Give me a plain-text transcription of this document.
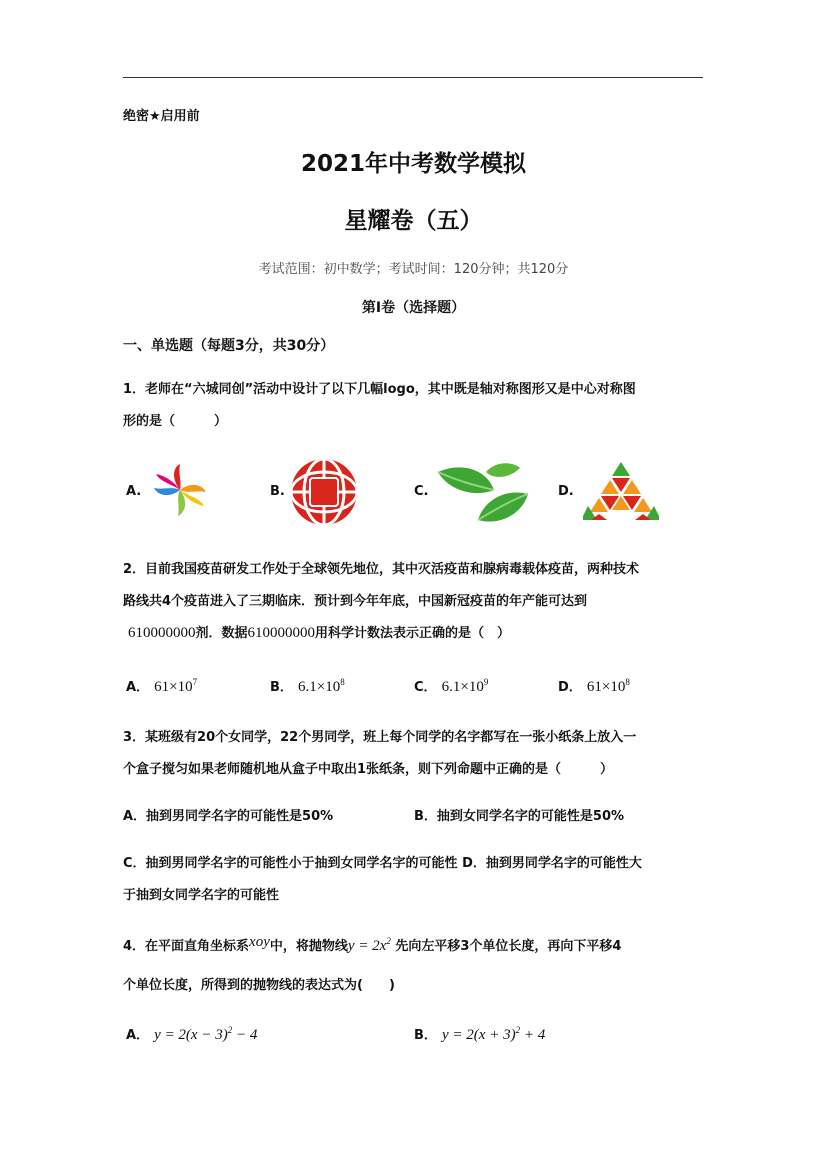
绝密★启用前
2021年中考数学模拟
星耀卷（五）
考试范围：初中数学；考试时间：120分钟；共120分
第I卷（选择题）
一、单选题（每题3分，共30分）
1．老师在“六城同创”活动中设计了以下几幅logo，其中既是轴对称图形又是中心对称图
形的是（　　　）
A.	B.	C.	D.
2．目前我国疫苗研发工作处于全球领先地位，其中灭活疫苗和腺病毒载体疫苗，两种技术
路线共4个疫苗进入了三期临床．预计到今年年底，中国新冠疫苗的年产能可达到
610000000剂．数据610000000用科学计数法表示正确的是（　）
A． $61\times 10^7$	B． $6.1\times 10^8$	C． $6.1\times 10^9$	D． $61\times 10^8$
3．某班级有20个女同学，22个男同学，班上每个同学的名字都写在一张小纸条上放入一
个盒子搅匀如果老师随机地从盒子中取出1张纸条，则下列命题中正确的是（　　　）
A．抽到男同学名字的可能性是50%	B．抽到女同学名字的可能性是50%
C．抽到男同学名字的可能性小于抽到女同学名字的可能性 D．抽到男同学名字的可能性大
于抽到女同学名字的可能性
4．在平面直角坐标系xoy中，将抛物线$y = 2x^2$ 先向左平移3个单位长度，再向下平移4
个单位长度，所得到的抛物线的表达式为(　　)
A． $y = 2(x - 3)^2 - 4$	B． $y = 2(x + 3)^2 + 4$
